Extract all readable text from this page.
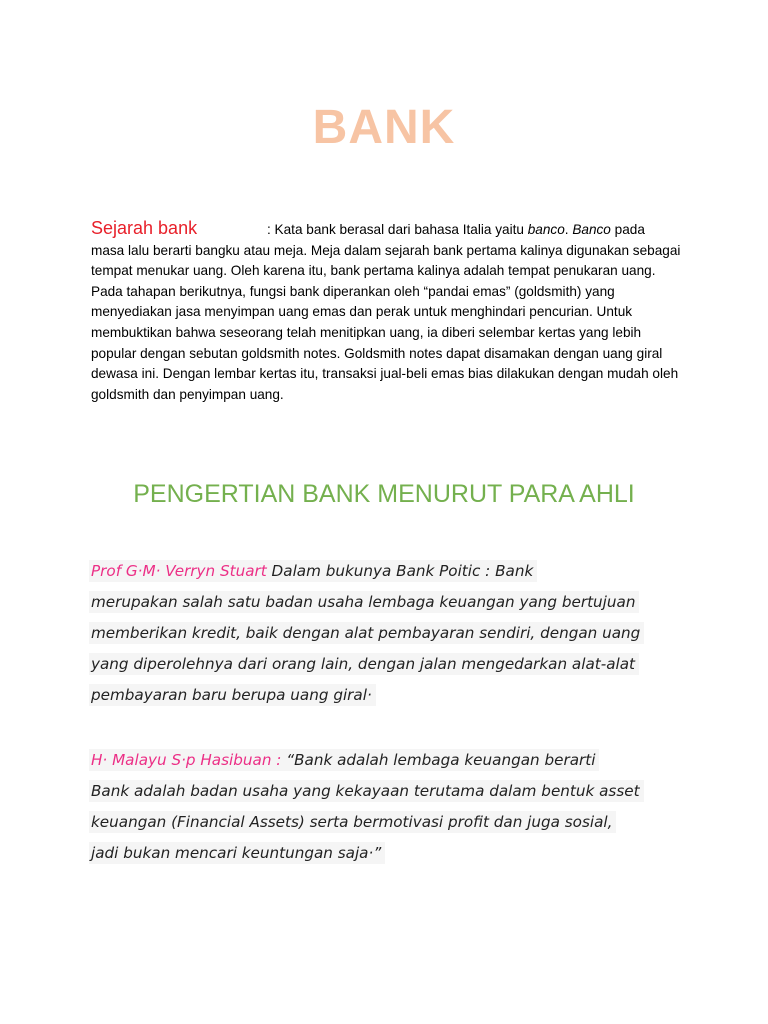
BANK

Sejarah bank	: Kata bank berasal dari bahasa Italia yaitu banco. Banco pada masa lalu berarti bangku atau meja. Meja dalam sejarah bank pertama kalinya digunakan sebagai tempat menukar uang. Oleh karena itu, bank pertama kalinya adalah tempat penukaran uang. Pada tahapan berikutnya, fungsi bank diperankan oleh “pandai emas” (goldsmith) yang menyediakan jasa menyimpan uang emas dan perak untuk menghindari pencurian. Untuk membuktikan bahwa seseorang telah menitipkan uang, ia diberi selembar kertas yang lebih popular dengan sebutan goldsmith notes. Goldsmith notes dapat disamakan dengan uang giral dewasa ini. Dengan lembar kertas itu, transaksi jual-beli emas bias dilakukan dengan mudah oleh goldsmith dan penyimpan uang.

PENGERTIAN BANK MENURUT PARA AHLI
Prof G·M· Verryn Stuart Dalam bukunya Bank Poitic : Bank
merupakan salah satu badan usaha lembaga keuangan yang bertujuan
memberikan kredit, baik dengan alat pembayaran sendiri, dengan uang
yang diperolehnya dari orang lain, dengan jalan mengedarkan alat-alat
pembayaran baru berupa uang giral·
H· Malayu S·p Hasibuan : “Bank adalah lembaga keuangan berarti
Bank adalah badan usaha yang kekayaan terutama dalam bentuk asset
keuangan (Financial Assets) serta bermotivasi profit dan juga sosial,
jadi bukan mencari keuntungan saja·”
